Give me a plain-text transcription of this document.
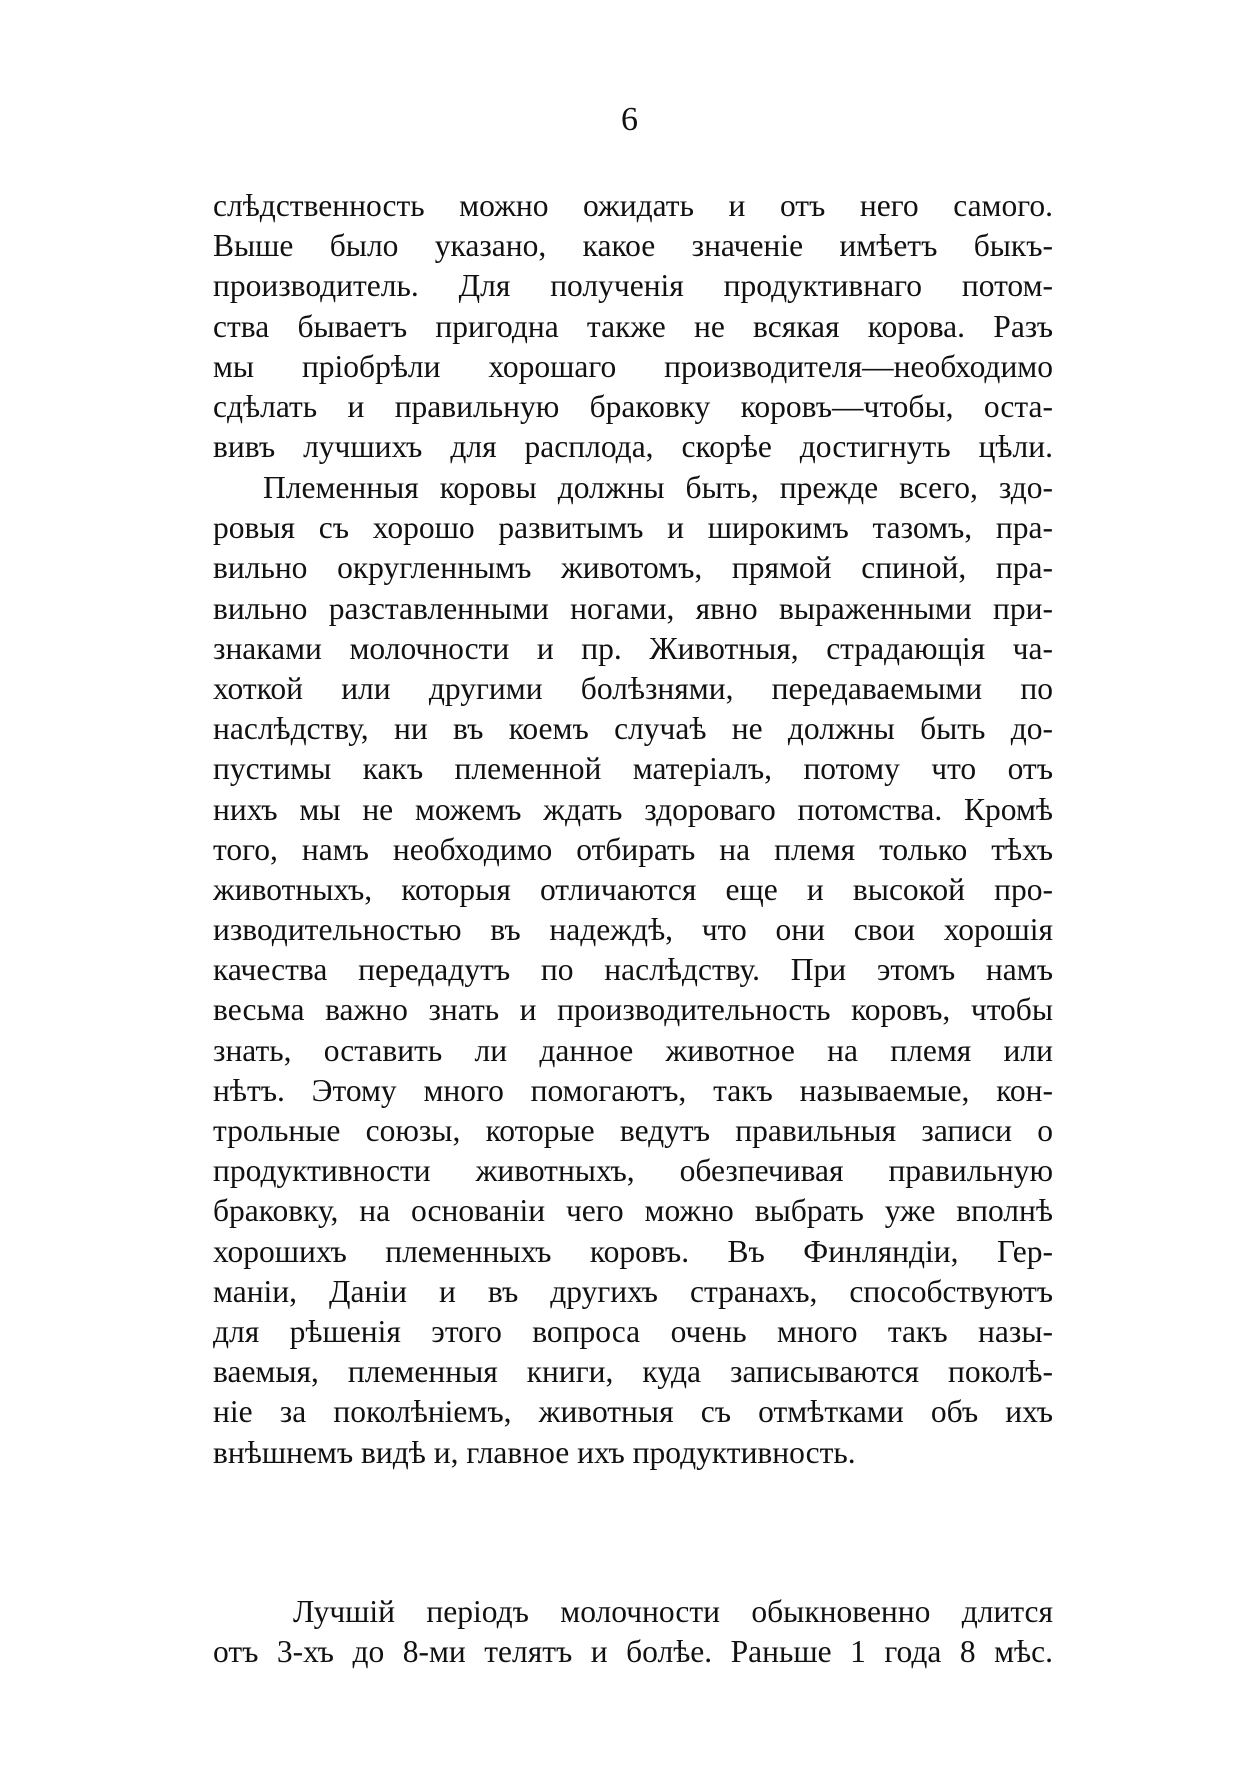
6
слѣдственность можно ожидать и отъ него самого.
Выше было указано, какое значеніе имѣетъ быкъ-
производитель. Для полученія продуктивнаго потом-
ства бываетъ пригодна также не всякая корова. Разъ
мы пріобрѣли хорошаго производителя—необходимо
сдѣлать и правильную браковку коровъ—чтобы, оста-
вивъ лучшихъ для расплода, скорѣе достигнуть цѣли.
Племенныя коровы должны быть, прежде всего, здо-
ровыя съ хорошо развитымъ и широкимъ тазомъ, пра-
вильно округленнымъ животомъ, прямой спиной, пра-
вильно разставленными ногами, явно выраженными при-
знаками молочности и пр. Животныя, страдающія ча-
хоткой или другими болѣзнями, передаваемыми по
наслѣдству, ни въ коемъ случаѣ не должны быть до-
пустимы какъ племенной матеріалъ, потому что отъ
нихъ мы не можемъ ждать здороваго потомства. Кромѣ
того, намъ необходимо отбирать на племя только тѣхъ
животныхъ, которыя отличаются еще и высокой про-
изводительностью въ надеждѣ, что они свои хорошія
качества передадутъ по наслѣдству. При этомъ намъ
весьма важно знать и производительность коровъ, чтобы
знать, оставить ли данное животное на племя или
нѣтъ. Этому много помогаютъ, такъ называемые, кон-
трольные союзы, которые ведутъ правильныя записи о
продуктивности животныхъ, обезпечивая правильную
браковку, на основаніи чего можно выбрать уже вполнѣ
хорошихъ племенныхъ коровъ. Въ Финляндіи, Гер-
маніи, Даніи и въ другихъ странахъ, способствуютъ
для рѣшенія этого вопроса очень много такъ назы-
ваемыя, племенныя книги, куда записываются поколѣ-
ніе за поколѣніемъ, животныя съ отмѣтками объ ихъ
внѣшнемъ видѣ и, главное ихъ продуктивность.
Лучшій періодъ молочности обыкновенно длится
отъ 3-хъ до 8-ми телятъ и болѣе. Раньше 1 года 8 мѣс.
